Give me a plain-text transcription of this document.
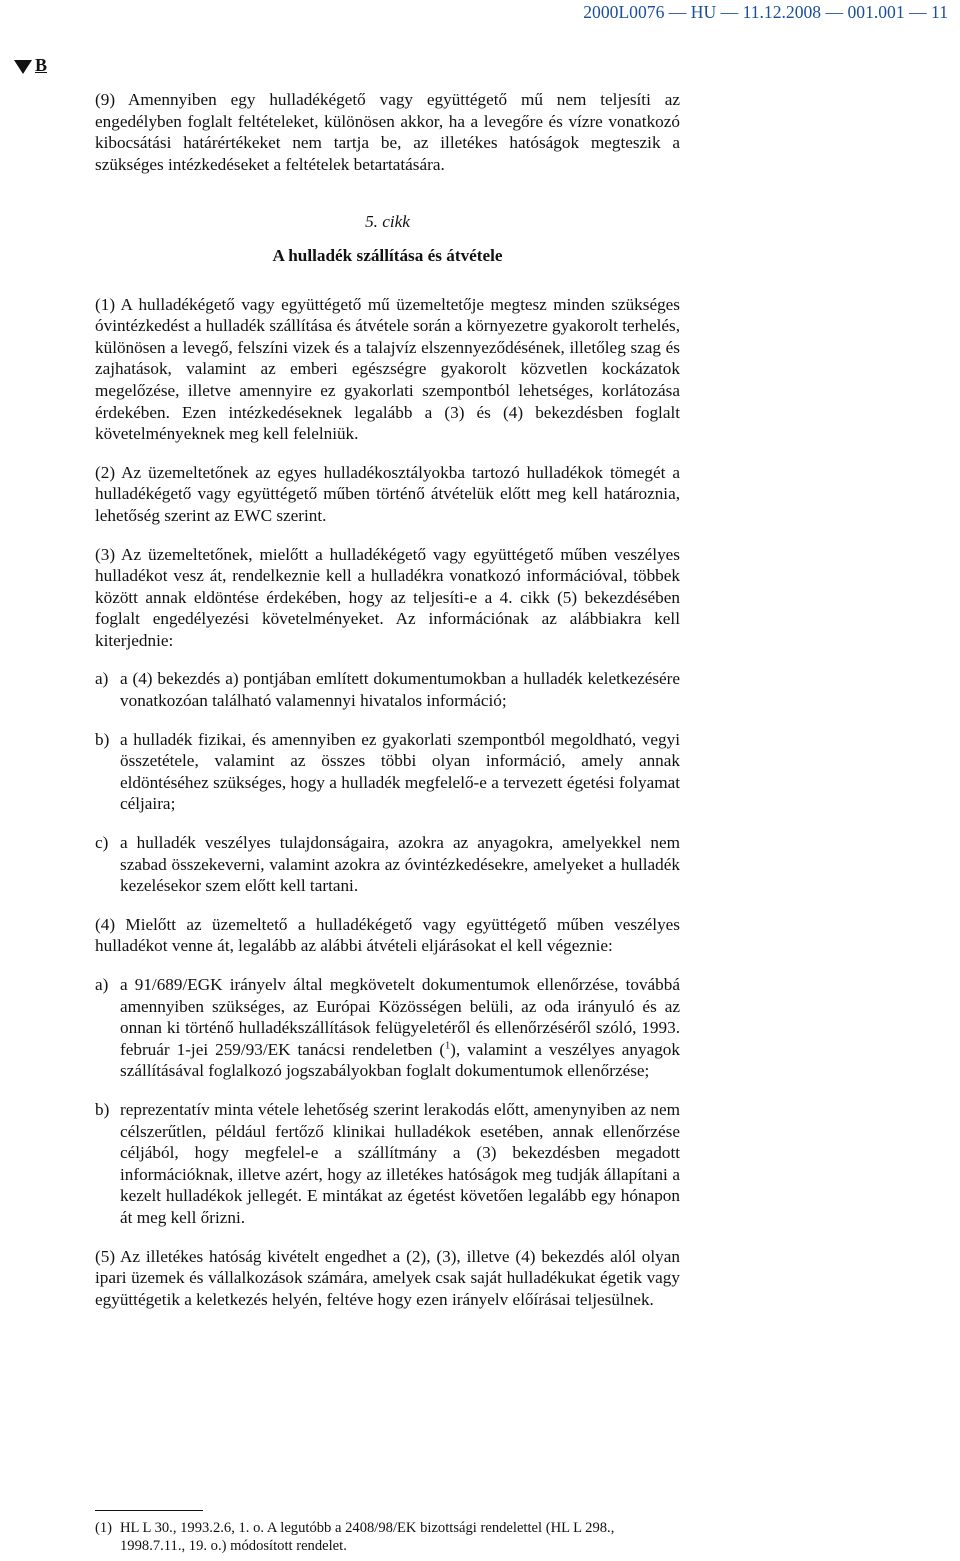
2000L0076 — HU — 11.12.2008 — 001.001 — 11
B

(9) Amennyiben egy hulladékégető vagy együttégető mű nem teljesíti az engedélyben foglalt feltételeket, különösen akkor, ha a levegőre és vízre vonatkozó kibocsátási határértékeket nem tartja be, az illetékes hatóságok megteszik a szükséges intézkedéseket a feltételek betartatására.

5. cikk

A hulladék szállítása és átvétele

(1) A hulladékégető vagy együttégető mű üzemeltetője megtesz minden szükséges óvintézkedést a hulladék szállítása és átvétele során a környezetre gyakorolt terhelés, különösen a levegő, felszíni vizek és a talajvíz elszennyeződésének, illetőleg szag és zajhatások, valamint az emberi egészségre gyakorolt közvetlen kockázatok megelőzése, illetve amennyire ez gyakorlati szempontból lehetséges, korlátozása érdekében. Ezen intézkedéseknek legalább a (3) és (4) bekezdésben foglalt követelményeknek meg kell felelniük.

(2) Az üzemeltetőnek az egyes hulladékosztályokba tartozó hulladékok tömegét a hulladékégető vagy együttégető műben történő átvételük előtt meg kell határoznia, lehetőség szerint az EWC szerint.

(3) Az üzemeltetőnek, mielőtt a hulladékégető vagy együttégető műben veszélyes hulladékot vesz át, rendelkeznie kell a hulladékra vonatkozó információval, többek között annak eldöntése érdekében, hogy az teljesíti-e a 4. cikk (5) bekezdésében foglalt engedélyezési követelményeket. Az információnak az alábbiakra kell kiterjednie:

a) a (4) bekezdés a) pontjában említett dokumentumokban a hulladék keletkezésére vonatkozóan található valamennyi hivatalos információ;
b) a hulladék fizikai, és amennyiben ez gyakorlati szempontból megoldható, vegyi összetétele, valamint az összes többi olyan információ, amely annak eldöntéséhez szükséges, hogy a hulladék megfelelő-e a tervezett égetési folyamat céljaira;
c) a hulladék veszélyes tulajdonságaira, azokra az anyagokra, amelyekkel nem szabad összekeverni, valamint azokra az óvintézkedésekre, amelyeket a hulladék kezelésekor szem előtt kell tartani.

(4) Mielőtt az üzemeltető a hulladékégető vagy együttégető műben veszélyes hulladékot venne át, legalább az alábbi átvételi eljárásokat el kell végeznie:

a) a 91/689/EGK irányelv által megkövetelt dokumentumok ellenőrzése, továbbá amennyiben szükséges, az Európai Közösségen belüli, az oda irányuló és az onnan ki történő hulladékszállítások felügyeletéről és ellenőrzéséről szóló, 1993. február 1-jei 259/93/EK tanácsi rendeletben ($^1$), valamint a veszélyes anyagok szállításával foglalkozó jogszabályokban foglalt dokumentumok ellenőrzése;
b) reprezentatív minta vétele lehetőség szerint lerakodás előtt, amenynyiben az nem célszerűtlen, például fertőző klinikai hulladékok esetében, annak ellenőrzése céljából, hogy megfelel-e a szállítmány a (3) bekezdésben megadott információknak, illetve azért, hogy az illetékes hatóságok meg tudják állapítani a kezelt hulladékok jellegét. E mintákat az égetést követően legalább egy hónapon át meg kell őrizni.

(5) Az illetékes hatóság kivételt engedhet a (2), (3), illetve (4) bekezdés alól olyan ipari üzemek és vállalkozások számára, amelyek csak saját hulladékukat égetik vagy együttégetik a keletkezés helyén, feltéve hogy ezen irányelv előírásai teljesülnek.

(1) HL L 30., 1993.2.6, 1. o. A legutóbb a 2408/98/EK bizottsági rendelettel (HL L 298., 1998.7.11., 19. o.) módosított rendelet.
